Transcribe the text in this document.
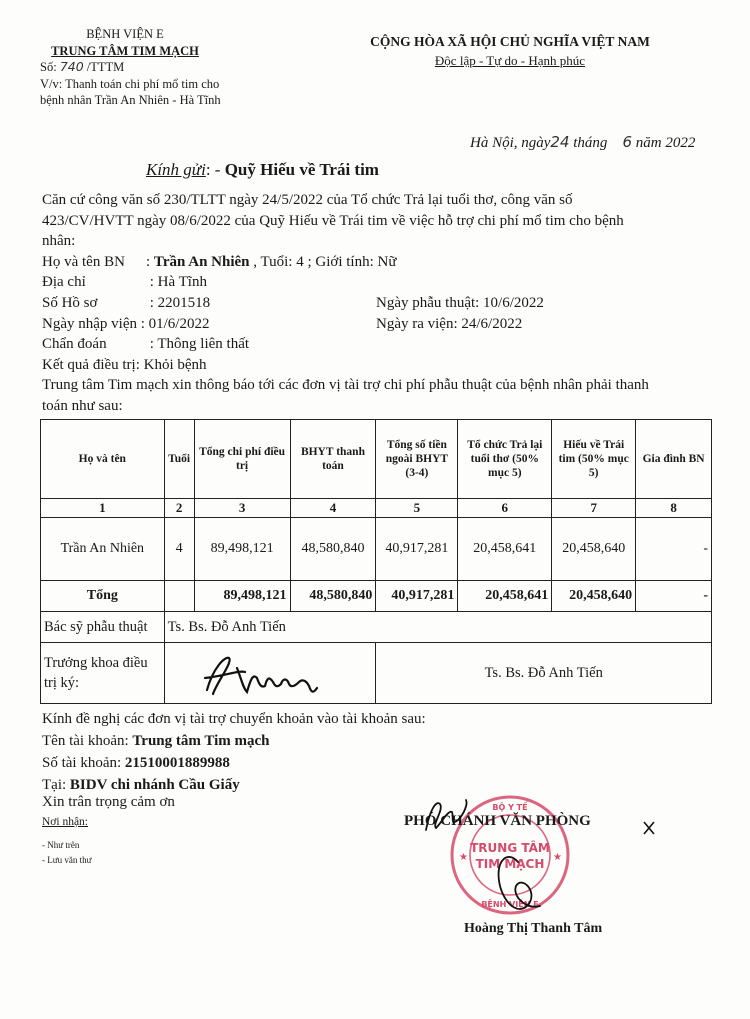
BỆNH VIỆN E
TRUNG TÂM TIM MẠCH
Số: 740 /TTTM
V/v: Thanh toán chi phí mổ tim cho
bệnh nhân Trần An Nhiên - Hà Tĩnh
CỘNG HÒA XÃ HỘI CHỦ NGHĨA VIỆT NAM
Độc lập - Tự do - Hạnh phúc
Hà Nội, ngày24 tháng 6 năm 2022
Kính gửi: - Quỹ Hiếu về Trái tim
Căn cứ công văn số 230/TLTT ngày 24/5/2022 của Tổ chức Trả lại tuổi thơ, công văn số
423/CV/HVTT ngày 08/6/2022 của Quỹ Hiếu về Trái tim về việc hỗ trợ chi phí mổ tim cho bệnh
nhân:
Họ và tên BN : Trần An Nhiên , Tuổi: 4 ; Giới tính: Nữ
Địa chỉ	: Hà Tĩnh
Số Hồ sơ	: 2201518	Ngày phẫu thuật: 10/6/2022
Ngày nhập viện : 01/6/2022	Ngày ra viện: 24/6/2022
Chẩn đoán	: Thông liên thất
Kết quả điều trị: Khỏi bệnh
Trung tâm Tim mạch xin thông báo tới các đơn vị tài trợ chi phí phẫu thuật của bệnh nhân phải thanh
toán như sau:
Họ và tên	Tuổi	Tổng chi phí điều trị	BHYT thanh toán	Tổng số tiền ngoài BHYT (3-4)	Tổ chức Trả lại tuổi thơ (50% mục 5)	Hiếu về Trái tim (50% mục 5)	Gia đình BN
1	2	3	4	5	6	7	8
Trần An Nhiên	4	89,498,121	48,580,840	40,917,281	20,458,641	20,458,640	-
Tổng		89,498,121	48,580,840	40,917,281	20,458,641	20,458,640	-
Bác sỹ phẫu thuật	Ts. Bs. Đỗ Anh Tiến						

Trưởng khoa điều
trị ký:				Ts. Bs. Đỗ Anh Tiến			
Kính đề nghị các đơn vị tài trợ chuyển khoản vào tài khoản sau:
Tên tài khoản: Trung tâm Tim mạch
Số tài khoản: 21510001889988
Tại: BIDV chi nhánh Cầu Giấy
Xin trân trọng cảm ơn
Nơi nhận:
- Như trên
- Lưu văn thư
TRUNG TÂM
TIM MẠCH
BỘ Y TẾ
BỆNH VIỆN E
★	★
PHÓ CHÁNH VĂN PHÒNG
Hoàng Thị Thanh Tâm
